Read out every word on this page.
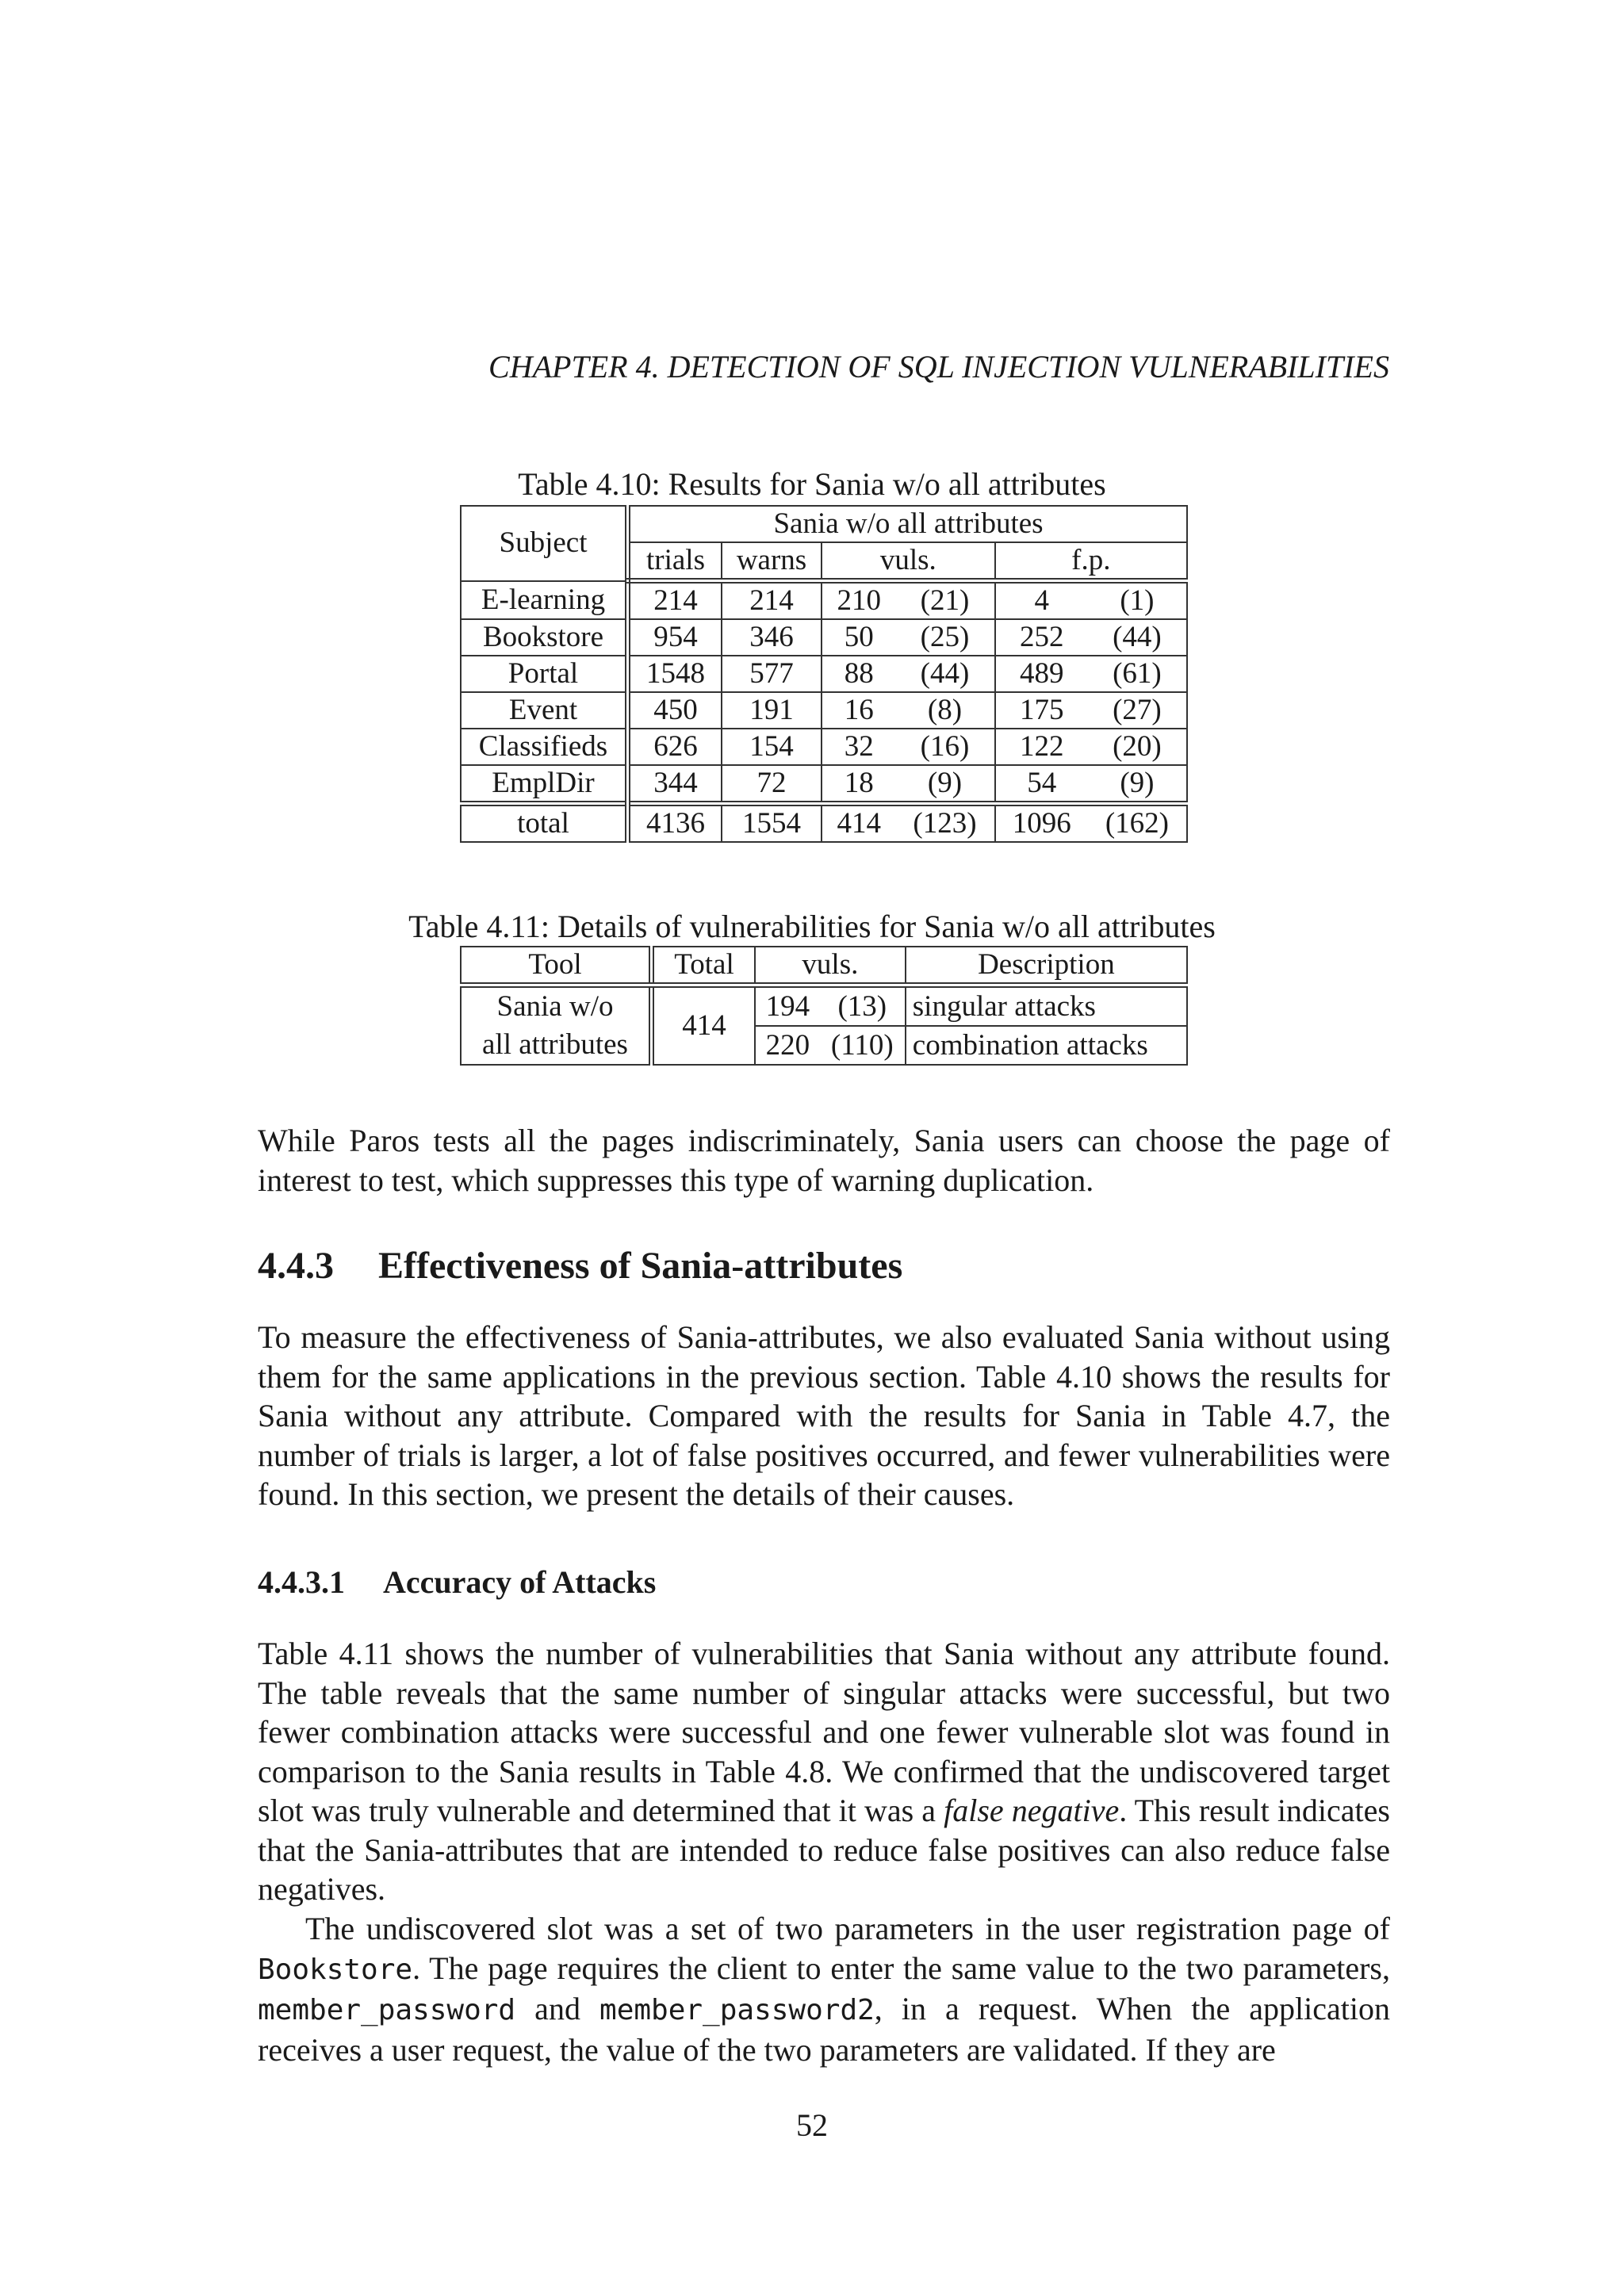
CHAPTER 4. DETECTION OF SQL INJECTION VULNERABILITIES
Table 4.10: Results for Sania w/o all attributes
Subject	Sania w/o all attributes					
	trials	warns	vuls.		f.p.	
E-learning	214	214	210	(21)	4	(1)
Bookstore	954	346	50	(25)	252	(44)
Portal	1548	577	88	(44)	489	(61)
Event	450	191	16	(8)	175	(27)
Classifieds	626	154	32	(16)	122	(20)
EmplDir	344	72	18	(9)	54	(9)
total	4136	1554	414	(123)	1096	(162)
Table 4.11: Details of vulnerabilities for Sania w/o all attributes
Tool	Total	vuls.		Description

Sania w/o
all attributes	414	194	(13)	singular attacks
		220	(110)	combination attacks

While Paros tests all the pages indiscriminately, Sania users can choose the page of interest to test, which suppresses this type of warning duplication.

4.4.3 Effectiveness of Sania-attributes

To measure the effectiveness of Sania-attributes, we also evaluated Sania without using them for the same applications in the previous section. Table 4.10 shows the results for Sania without any attribute. Compared with the results for Sania in Table 4.7, the number of trials is larger, a lot of false positives occurred, and fewer vulnerabilities were found. In this section, we present the details of their causes.

4.4.3.1 Accuracy of Attacks

Table 4.11 shows the number of vulnerabilities that Sania without any attribute found. The table reveals that the same number of singular attacks were successful, but two fewer combination attacks were successful and one fewer vulnerable slot was found in comparison to the Sania results in Table 4.8. We confirmed that the undiscovered target slot was truly vulnerable and determined that it was a false negative. This result indicates that the Sania-attributes that are intended to reduce false positives can also reduce false negatives.

The undiscovered slot was a set of two parameters in the user registration page of Bookstore. The page requires the client to enter the same value to the two parameters, member_password and member_password2, in a request. When the application receives a user request, the value of the two parameters are validated. If they are

52
